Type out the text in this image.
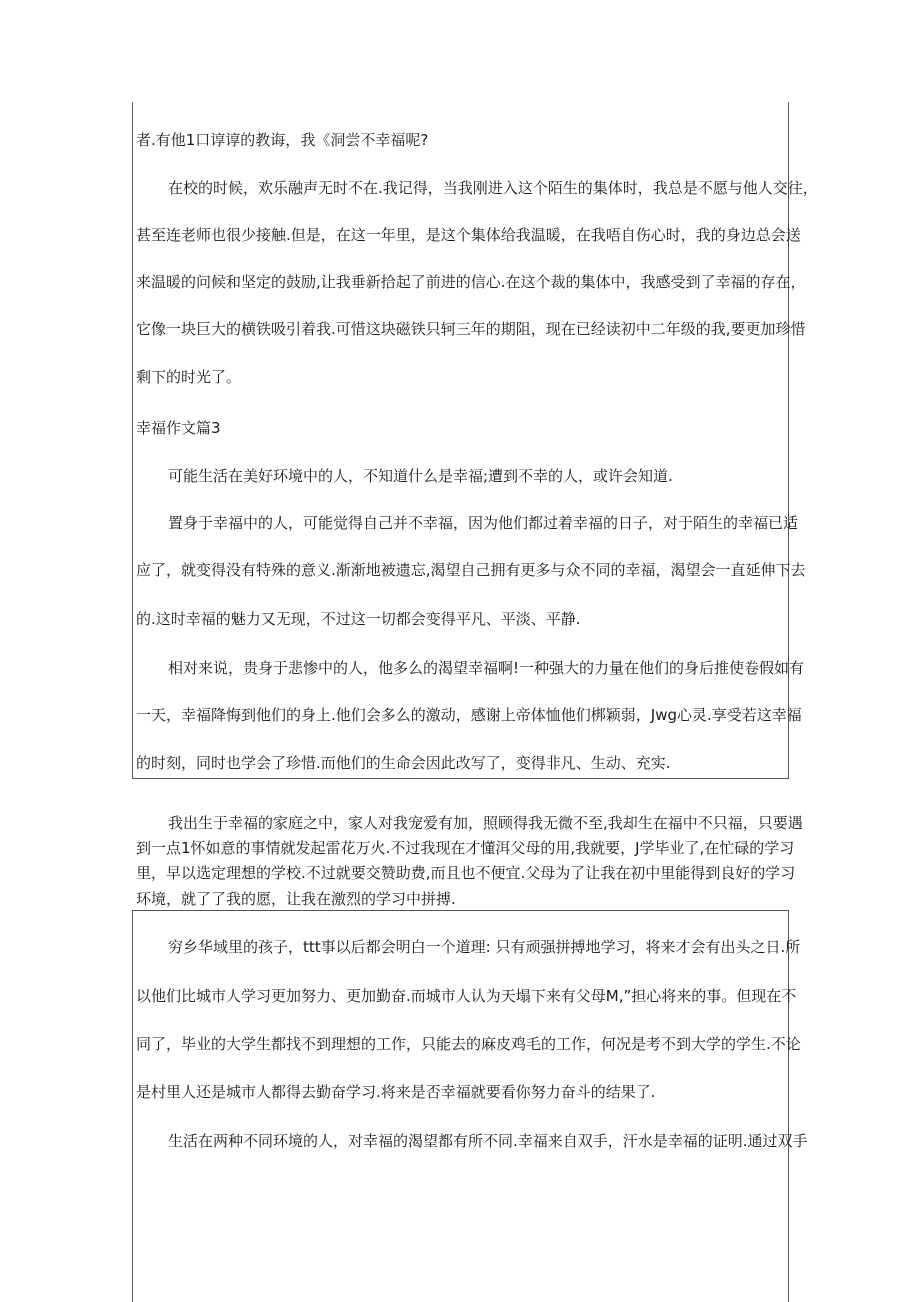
者.有他1口谆谆的教诲，我《洞尝不幸福呢?
在校的时候，欢乐融声无时不在.我记得，当我刚进入这个陌生的集体时，我总是不愿与他人交往，
甚至连老师也很少接触.但是，在这一年里，是这个集体给我温暖，在我唔自伤心时，我的身边总会送
来温暖的问候和坚定的鼓励,让我垂新拾起了前进的信心.在这个裁的集体中，我感受到了幸福的存在，
它像一块巨大的横铁吸引着我.可惜这块磁铁只轲三年的期阻，现在已经读初中二年级的我,要更加珍惜
剩下的时光了。
幸福作文篇3
可能生活在美好环境中的人，不知道什么是幸福;遭到不幸的人，或许会知道.
置身于幸福中的人，可能觉得自己并不幸福，因为他们都过着幸福的日子，对于陌生的幸福已适
应了，就变得没有特殊的意义.渐渐地被遗忘,渴望自己拥有更多与众不同的幸福，渴望会一直延伸下去
的.这时幸福的魅力又无现，不过这一切都会变得平凡、平淡、平静.
相对来说，贵身于悲惨中的人，他多么的渴望幸福啊!一种强大的力量在他们的身后推使卷假如有
一天，幸福降悔到他们的身上.他们会多么的激动，感谢上帝体恤他们梆颖弱，Jwg心灵.享受若这幸福
的时刻，同时也学会了珍惜.而他们的生命会因此改写了，变得非凡、生动、充实.
我出生于幸福的家庭之中，家人对我宠爱有加，照顾得我无微不至,我却生在福中不只福，只要遇
到一点1怀如意的事情就发起雷花万火.不过我现在才懂洱父母的用,我就要，J学毕业了,在忙碌的学习
里，早以选定理想的学校.不过就要交赞助费,而且也不便宜.父母为了让我在初中里能得到良好的学习
环境，就了了我的愿，让我在激烈的学习中拼搏.
穷乡华域里的孩子，ttt事以后都会明白一个道理: 只有顽强拼搏地学习，将来才会有出头之日.所
以他们比城市人学习更加努力、更加勤奋.而城市人认为天塌下来有父母M,”担心将来的事。但现在不
同了，毕业的大学生都找不到理想的工作，只能去的麻皮鸡毛的工作，何况是考不到大学的学生.不论
是村里人还是城市人都得去勤奋学习.将来是否幸福就要看你努力奋斗的结果了.
生活在两种不同环境的人，对幸福的渴望都有所不同.幸福来自双手，汗水是幸福的证明.通过双手
